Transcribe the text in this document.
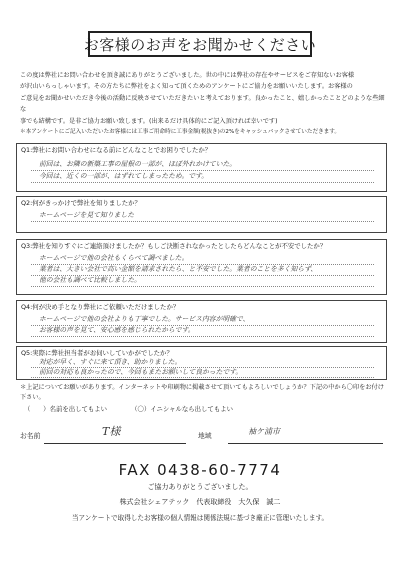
お客様のお声をお聞かせください
この度は弊社にお問い合わせを頂き誠にありがとうございました。世の中には弊社の存在やサービスをご存知ないお客様
が沢山いらっしゃいます。その方たちに弊社をよく知って頂くためのアンケートにご協力をお願いいたします。お客様の
ご意見をお聞かせいただき今後の活動に反映させていただきたいと考えております。良かったこと、嬉しかったことどのような些細な
事でも結構です。是非ご協力お願い致します。(出来るだけ具体的にご記入頂ければ幸いです)
＊本アンケートにご記入いただいたお客様には工事ご用命時に工事金額(税抜き)の2%をキャッシュバックさせていただきます。
Q1:弊社にお問い合わせになる前にどんなことでお困りでしたか？
前回は、お隣の新築工事の屋根の一部が、ほぼ外れかけていた。
今回は、近くの一部が、はずれてしまったため。です。
Q2:何がきっかけで弊社を知りましたか？
ホームページを見て知りました
Q3:弊社を知りすぐにご連絡頂けましたか？もしご決断されなかったとしたらどんなことが不安でしたか？
ホームページで他の会社もくらべて調べました。
業者は、大きい会社で高い金額を請求されたら、と不安でした。業者のことを多く知らず、
他の会社も調べて比較しました。
Q4:何が決め手となり弊社にご依頼いただけましたか？
ホームページで他の会社よりも丁寧でした。サービス内容が明確で、
お客様の声を見て、安心感を感じられたからです。
Q5:実際に弊社担当者がお伺いしていかがでしたか？
対応が早く、すぐに来て頂き、助かりました。
前回の対応も良かったので、今回もまたお願いして良かったです。

＊上記についてお願いがあります。インターネットや印刷物に掲載させて頂いてもよろしいでしょうか？下記の中から〇印をお付け下さい。

（　　）名前を出してもよい	（〇）イニシャルなら出してもよい
お名前	T様	地域	袖ケ浦市
FAX 0438-60-7774
ご協力ありがとうございました。
株式会社シェアテック　代表取締役　大久保　誠二
当アンケートで取得したお客様の個人情報は関係法規に基づき厳正に管理いたします。
